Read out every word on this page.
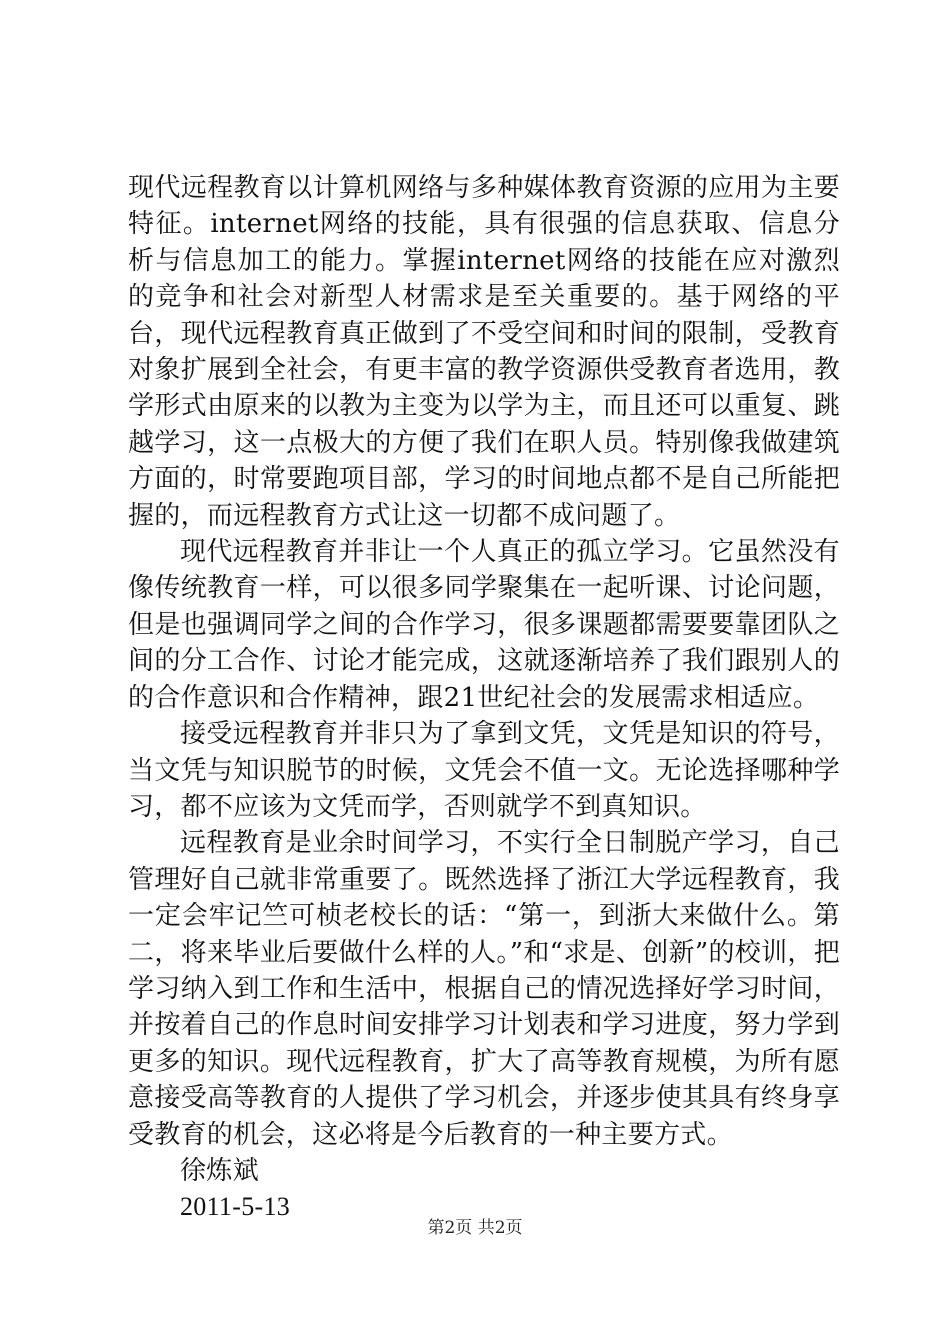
现代远程教育以计算机网络与多种媒体教育资源的应用为主要特征。internet网络的技能，具有很强的信息获取、信息分析与信息加工的能力。掌握internet网络的技能在应对激烈的竞争和社会对新型人材需求是至关重要的。基于网络的平台，现代远程教育真正做到了不受空间和时间的限制，受教育对象扩展到全社会，有更丰富的教学资源供受教育者选用，教学形式由原来的以教为主变为以学为主，而且还可以重复、跳越学习，这一点极大的方便了我们在职人员。特别像我做建筑方面的，时常要跑项目部，学习的时间地点都不是自己所能把握的，而远程教育方式让这一切都不成问题了。

现代远程教育并非让一个人真正的孤立学习。它虽然没有像传统教育一样，可以很多同学聚集在一起听课、讨论问题，但是也强调同学之间的合作学习，很多课题都需要要靠团队之间的分工合作、讨论才能完成，这就逐渐培养了我们跟别人的的合作意识和合作精神，跟21世纪社会的发展需求相适应。

接受远程教育并非只为了拿到文凭，文凭是知识的符号，当文凭与知识脱节的时候，文凭会不值一文。无论选择哪种学习，都不应该为文凭而学，否则就学不到真知识。

远程教育是业余时间学习，不实行全日制脱产学习，自己管理好自己就非常重要了。既然选择了浙江大学远程教育，我一定会牢记竺可桢老校长的话：“第一，到浙大来做什么。第二，将来毕业后要做什么样的人。”和“求是、创新”的校训，把学习纳入到工作和生活中，根据自己的情况选择好学习时间，并按着自己的作息时间安排学习计划表和学习进度，努力学到更多的知识。现代远程教育，扩大了高等教育规模，为所有愿意接受高等教育的人提供了学习机会，并逐步使其具有终身享受教育的机会，这必将是今后教育的一种主要方式。

徐炼斌

2011-5-13

第2页 共2页
